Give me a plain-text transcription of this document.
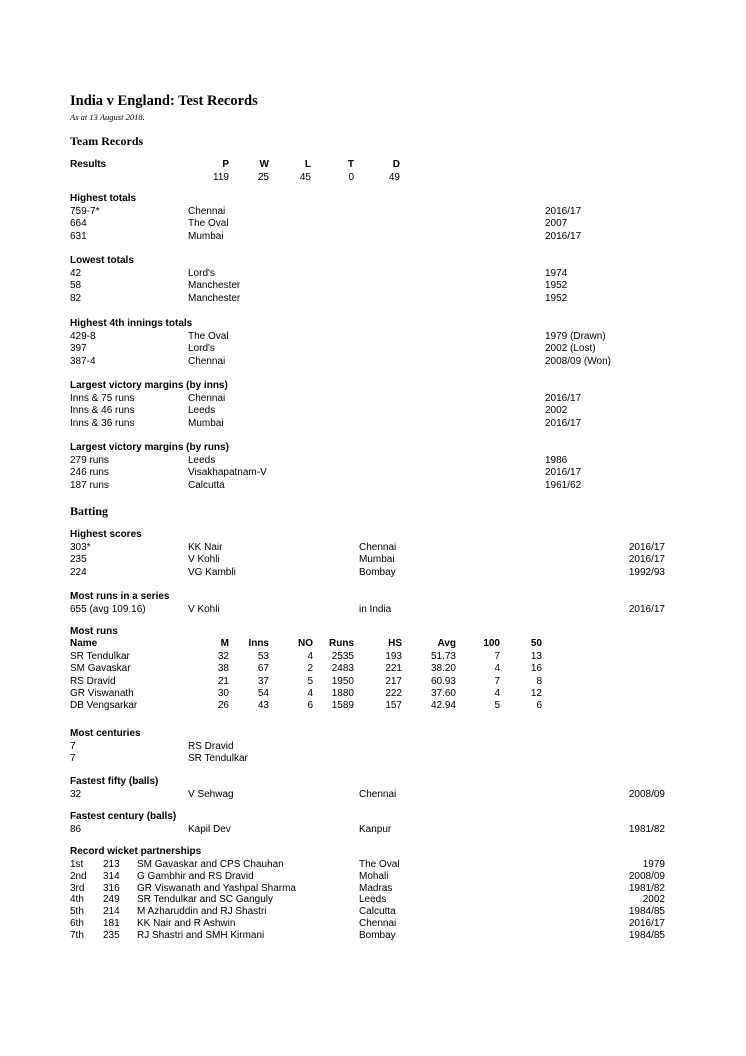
India v England: Test Records
As at 13 August 2018.
Team Records
Results	P	W	L	T	D
119	25	45	0	49
Highest totals
759-7*	Chennai	2016/17
664	The Oval	2007
631	Mumbai	2016/17
Lowest totals
42	Lord's	1974
58	Manchester	1952
82	Manchester	1952
Highest 4th innings totals
429-8	The Oval	1979 (Drawn)
397	Lord's	2002 (Lost)
387-4	Chennai	2008/09 (Won)
Largest victory margins (by inns)
Inns & 75 runs	Chennai	2016/17
Inns & 46 runs	Leeds	2002
Inns & 36 runs	Mumbai	2016/17
Largest victory margins (by runs)
279 runs	Leeds	1986
246 runs	Visakhapatnam-V	2016/17
187 runs	Calcutta	1961/62
Batting
Highest scores
303*	KK Nair	Chennai	2016/17
235	V Kohli	Mumbai	2016/17
224	VG Kambli	Bombay	1992/93
Most runs in a series
655 (avg 109.16)	V Kohli	in India	2016/17
Most runs
Name	M	Inns	NO	Runs	HS	Avg	100	50
SR Tendulkar	32	53	4	2535	193	51.73	7	13
SM Gavaskar	38	67	2	2483	221	38.20	4	16
RS Dravid	21	37	5	1950	217	60.93	7	8
GR Viswanath	30	54	4	1880	222	37.60	4	12
DB Vengsarkar	26	43	6	1589	157	42.94	5	6
Most centuries
7	RS Dravid
7	SR Tendulkar
Fastest fifty (balls)
32	V Sehwag	Chennai	2008/09
Fastest century (balls)
86	Kapil Dev	Kanpur	1981/82
Record wicket partnerships
1st 213 SM Gavaskar and CPS Chauhan	The Oval	1979
2nd 314 G Gambhir and RS Dravid	Mohali	2008/09
3rd 316 GR Viswanath and Yashpal Sharma	Madras	1981/82
4th 249 SR Tendulkar and SC Ganguly	Leeds	2002
5th 214 M Azharuddin and RJ Shastri	Calcutta	1984/85
6th 181 KK Nair and R Ashwin	Chennai	2016/17
7th 235 RJ Shastri and SMH Kirmani	Bombay	1984/85
